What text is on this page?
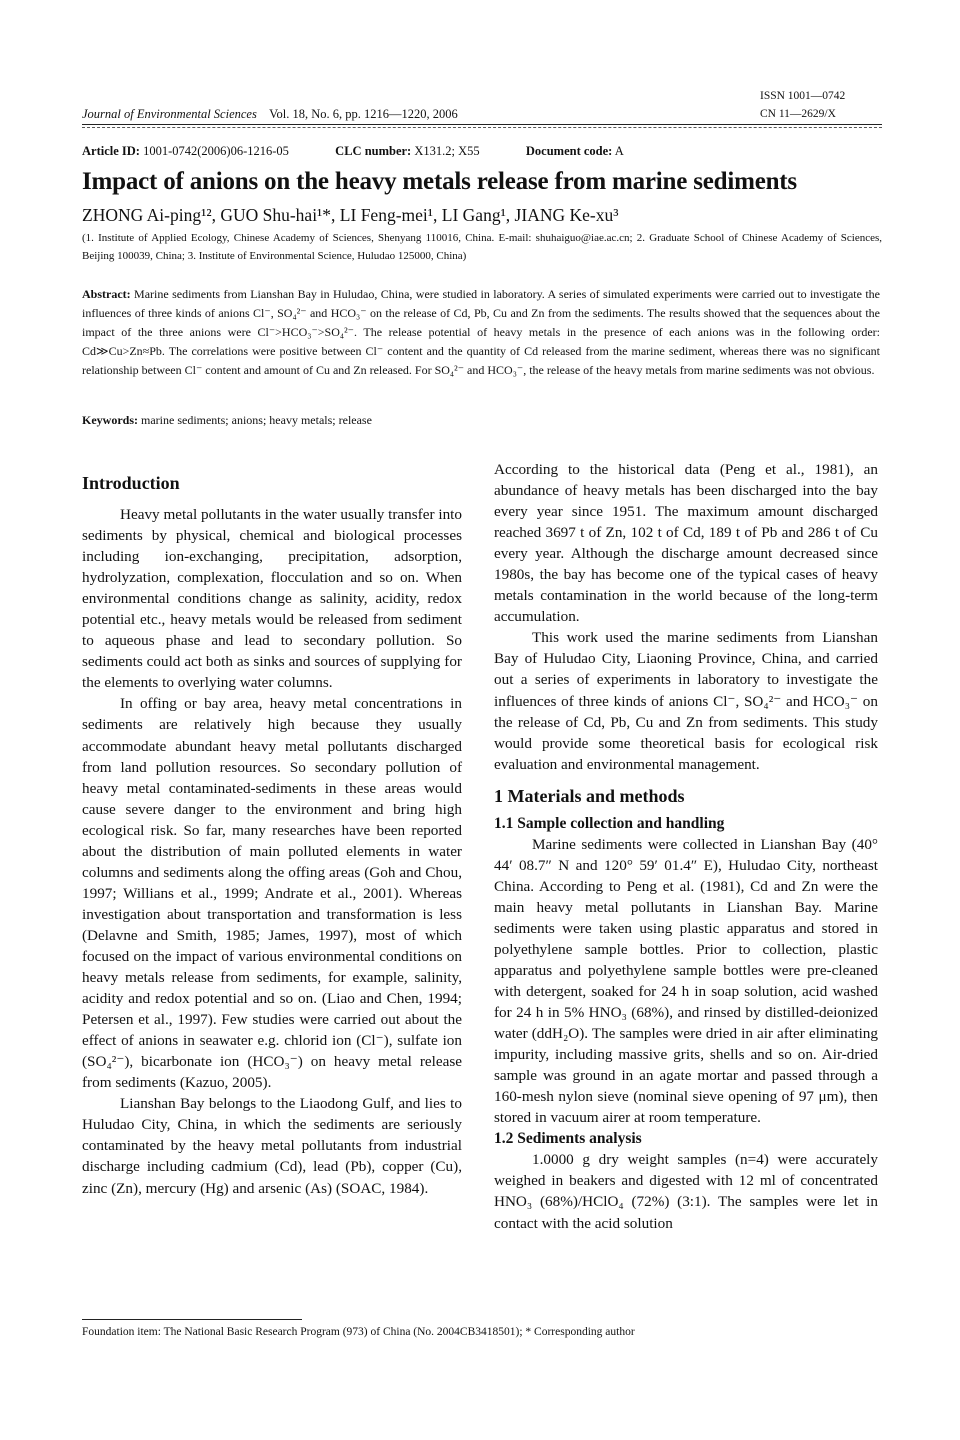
Journal of Environmental Sciences Vol. 18, No. 6, pp. 1216—1220, 2006
ISSN 1001—0742
CN 11—2629/X
Article ID: 1001-0742(2006)06-1216-05	CLC number: X131.2; X55	Document code: A
Impact of anions on the heavy metals release from marine sediments
ZHONG Ai-ping¹², GUO Shu-hai¹*, LI Feng-mei¹, LI Gang¹, JIANG Ke-xu³
(1. Institute of Applied Ecology, Chinese Academy of Sciences, Shenyang 110016, China. E-mail: shuhaiguo@iae.ac.cn; 2. Graduate School of Chinese Academy of Sciences, Beijing 100039, China; 3. Institute of Environmental Science, Huludao 125000, China)
Abstract: Marine sediments from Lianshan Bay in Huludao, China, were studied in laboratory. A series of simulated experiments were carried out to investigate the influences of three kinds of anions Cl⁻, SO₄²⁻ and HCO₃⁻ on the release of Cd, Pb, Cu and Zn from the sediments. The results showed that the sequences about the impact of the three anions were Cl⁻>HCO₃⁻>SO₄²⁻. The release potential of heavy metals in the presence of each anions was in the following order: Cd≫Cu>Zn≈Pb. The correlations were positive between Cl⁻ content and the quantity of Cd released from the marine sediment, whereas there was no significant relationship between Cl⁻ content and amount of Cu and Zn released. For SO₄²⁻ and HCO₃⁻, the release of the heavy metals from marine sediments was not obvious.
Keywords: marine sediments; anions; heavy metals; release
Introduction

Heavy metal pollutants in the water usually transfer into sediments by physical, chemical and biological processes including ion-exchanging, precipitation, adsorption, hydrolyzation, complexation, flocculation and so on. When environmental conditions change as salinity, acidity, redox potential etc., heavy metals would be released from sediment to aqueous phase and lead to secondary pollution. So sediments could act both as sinks and sources of supplying for the elements to overlying water columns.

In offing or bay area, heavy metal concentrations in sediments are relatively high because they usually accommodate abundant heavy metal pollutants discharged from land pollution resources. So secondary pollution of heavy metal contaminated-sediments in these areas would cause severe danger to the environment and bring high ecological risk. So far, many researches have been reported about the distribution of main polluted elements in water columns and sediments along the offing areas (Goh and Chou, 1997; Willians et al., 1999; Andrate et al., 2001). Whereas investigation about transportation and transformation is less (Delavne and Smith, 1985; James, 1997), most of which focused on the impact of various environmental conditions on heavy metals release from sediments, for example, salinity, acidity and redox potential and so on. (Liao and Chen, 1994; Petersen et al., 1997). Few studies were carried out about the effect of anions in seawater e.g. chlorid ion (Cl⁻), sulfate ion (SO₄²⁻), bicarbonate ion (HCO₃⁻) on heavy metal release from sediments (Kazuo, 2005).

Lianshan Bay belongs to the Liaodong Gulf, and lies to Huludao City, China, in which the sediments are seriously contaminated by the heavy metal pollutants from industrial discharge including cadmium (Cd), lead (Pb), copper (Cu), zinc (Zn), mercury (Hg) and arsenic (As) (SOAC, 1984).

According to the historical data (Peng et al., 1981), an abundance of heavy metals has been discharged into the bay every year since 1951. The maximum amount discharged reached 3697 t of Zn, 102 t of Cd, 189 t of Pb and 286 t of Cu every year. Although the discharge amount decreased since 1980s, the bay has become one of the typical cases of heavy metals contamination in the world because of the long-term accumulation.

This work used the marine sediments from Lianshan Bay of Huludao City, Liaoning Province, China, and carried out a series of experiments in laboratory to investigate the influences of three kinds of anions Cl⁻, SO₄²⁻ and HCO₃⁻ on the release of Cd, Pb, Cu and Zn from sediments. This study would provide some theoretical basis for ecological risk evaluation and environmental management.

1 Materials and methods
1.1 Sample collection and handling

Marine sediments were collected in Lianshan Bay (40° 44′ 08.7″ N and 120° 59′ 01.4″ E), Huludao City, northeast China. According to Peng et al. (1981), Cd and Zn were the main heavy metal pollutants in Lianshan Bay. Marine sediments were taken using plastic apparatus and stored in polyethylene sample bottles. Prior to collection, plastic apparatus and polyethylene sample bottles were pre-cleaned with detergent, soaked for 24 h in soap solution, acid washed for 24 h in 5% HNO₃ (68%), and rinsed by distilled-deionized water (ddH₂O). The samples were dried in air after eliminating impurity, including massive grits, shells and so on. Air-dried sample was ground in an agate mortar and passed through a 160-mesh nylon sieve (nominal sieve opening of 97 μm), then stored in vacuum airer at room temperature.

1.2 Sediments analysis

1.0000 g dry weight samples (n=4) were accurately weighed in beakers and digested with 12 ml of concentrated HNO₃ (68%)/HClO₄ (72%) (3:1). The samples were let in contact with the acid solution

Foundation item: The National Basic Research Program (973) of China (No. 2004CB3418501); * Corresponding author
